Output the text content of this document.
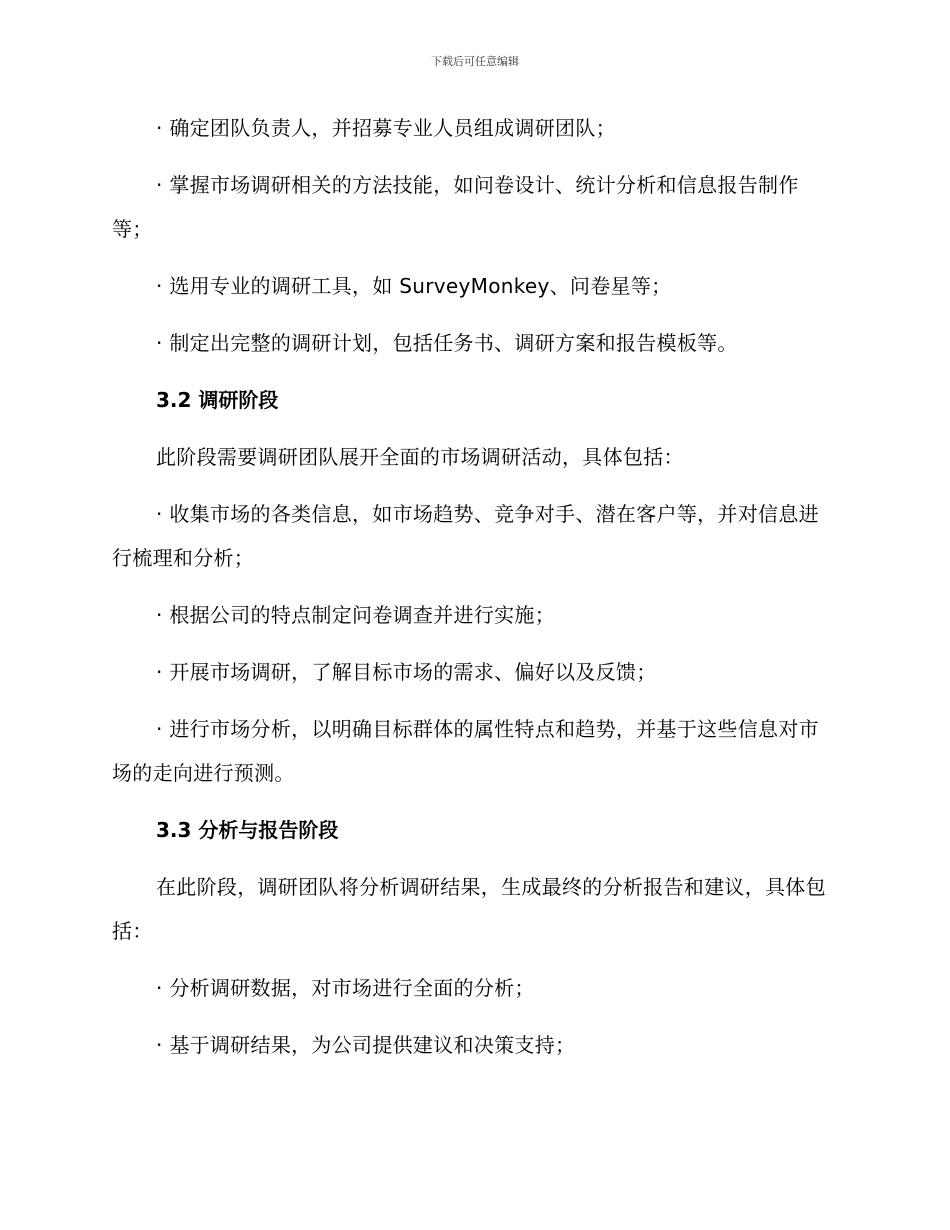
下载后可任意编辑

· 确定团队负责人，并招募专业人员组成调研团队；

· 掌握市场调研相关的方法技能，如问卷设计、统计分析和信息报告制作等；

· 选用专业的调研工具，如 SurveyMonkey、问卷星等；

· 制定出完整的调研计划，包括任务书、调研方案和报告模板等。

3.2 调研阶段

此阶段需要调研团队展开全面的市场调研活动，具体包括：

· 收集市场的各类信息，如市场趋势、竞争对手、潜在客户等，并对信息进行梳理和分析；

· 根据公司的特点制定问卷调查并进行实施；

· 开展市场调研，了解目标市场的需求、偏好以及反馈；

· 进行市场分析，以明确目标群体的属性特点和趋势，并基于这些信息对市场的走向进行预测。

3.3 分析与报告阶段

在此阶段，调研团队将分析调研结果，生成最终的分析报告和建议，具体包括：

· 分析调研数据，对市场进行全面的分析；

· 基于调研结果，为公司提供建议和决策支持；
